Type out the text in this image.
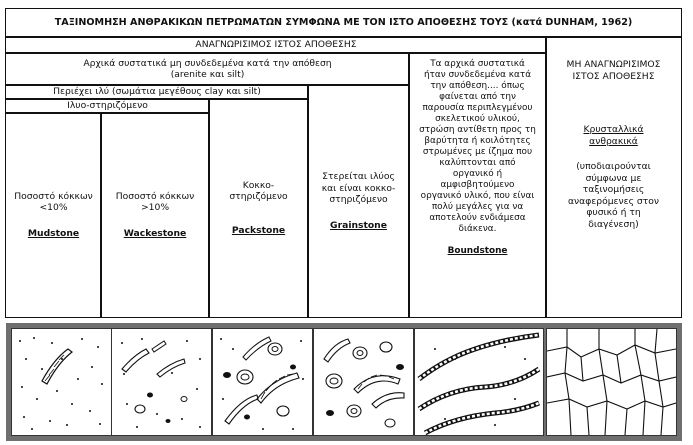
ΤΑΞΙΝΟΜΗΣΗ ΑΝΘΡΑΚΙΚΩΝ ΠΕΤΡΩΜΑΤΩΝ ΣΥΜΦΩΝΑ ΜΕ ΤΟΝ ΙΣΤΟ ΑΠΟΘΕΣΗΣ ΤΟΥΣ (κατά DUNHAM, 1962)
ΑΝΑΓΝΩΡΙΣΙΜΟΣ ΙΣΤΟΣ ΑΠΟΘΕΣΗΣ
Αρχικά συστατικά μη συνδεδεμένα κατά την απόθεση
(arenite και silt)
Περιέχει ιλύ (σωμάτια μεγέθους clay και silt)
Ιλυο-στηριζόμενο
Ποσοστό κόκκων <10%
Mudstone
Ποσοστό κόκκων >10%
Wackestone
Κοκκο-στηριζόμενο
Packstone
Στερείται ιλύος και είναι κοκκο-στηριζόμενο
Grainstone
Τα αρχικά συστατικά ήταν συνδεδεμένα κατά την απόθεση.... όπως φαίνεται από την παρουσία περιπλεγμένου σκελετικού υλικού, στρώση αντίθετη προς τη βαρύτητα ή κοιλότητες στρωμένες με ίζημα που καλύπτονται από οργανικό ή αμφισβητούμενο οργανικό υλικό, που είναι πολύ μεγάλες για να αποτελούν ενδιάμεσα διάκενα.
Boundstone
ΜΗ ΑΝΑΓΝΩΡΙΣΙΜΟΣ ΙΣΤΟΣ ΑΠΟΘΕΣΗΣ
Κρυσταλλικά ανθρακικά
(υποδιαιρούνται σύμφωνα με ταξινομήσεις αναφερόμενες στον φυσικό ή τη διαγένεση)
